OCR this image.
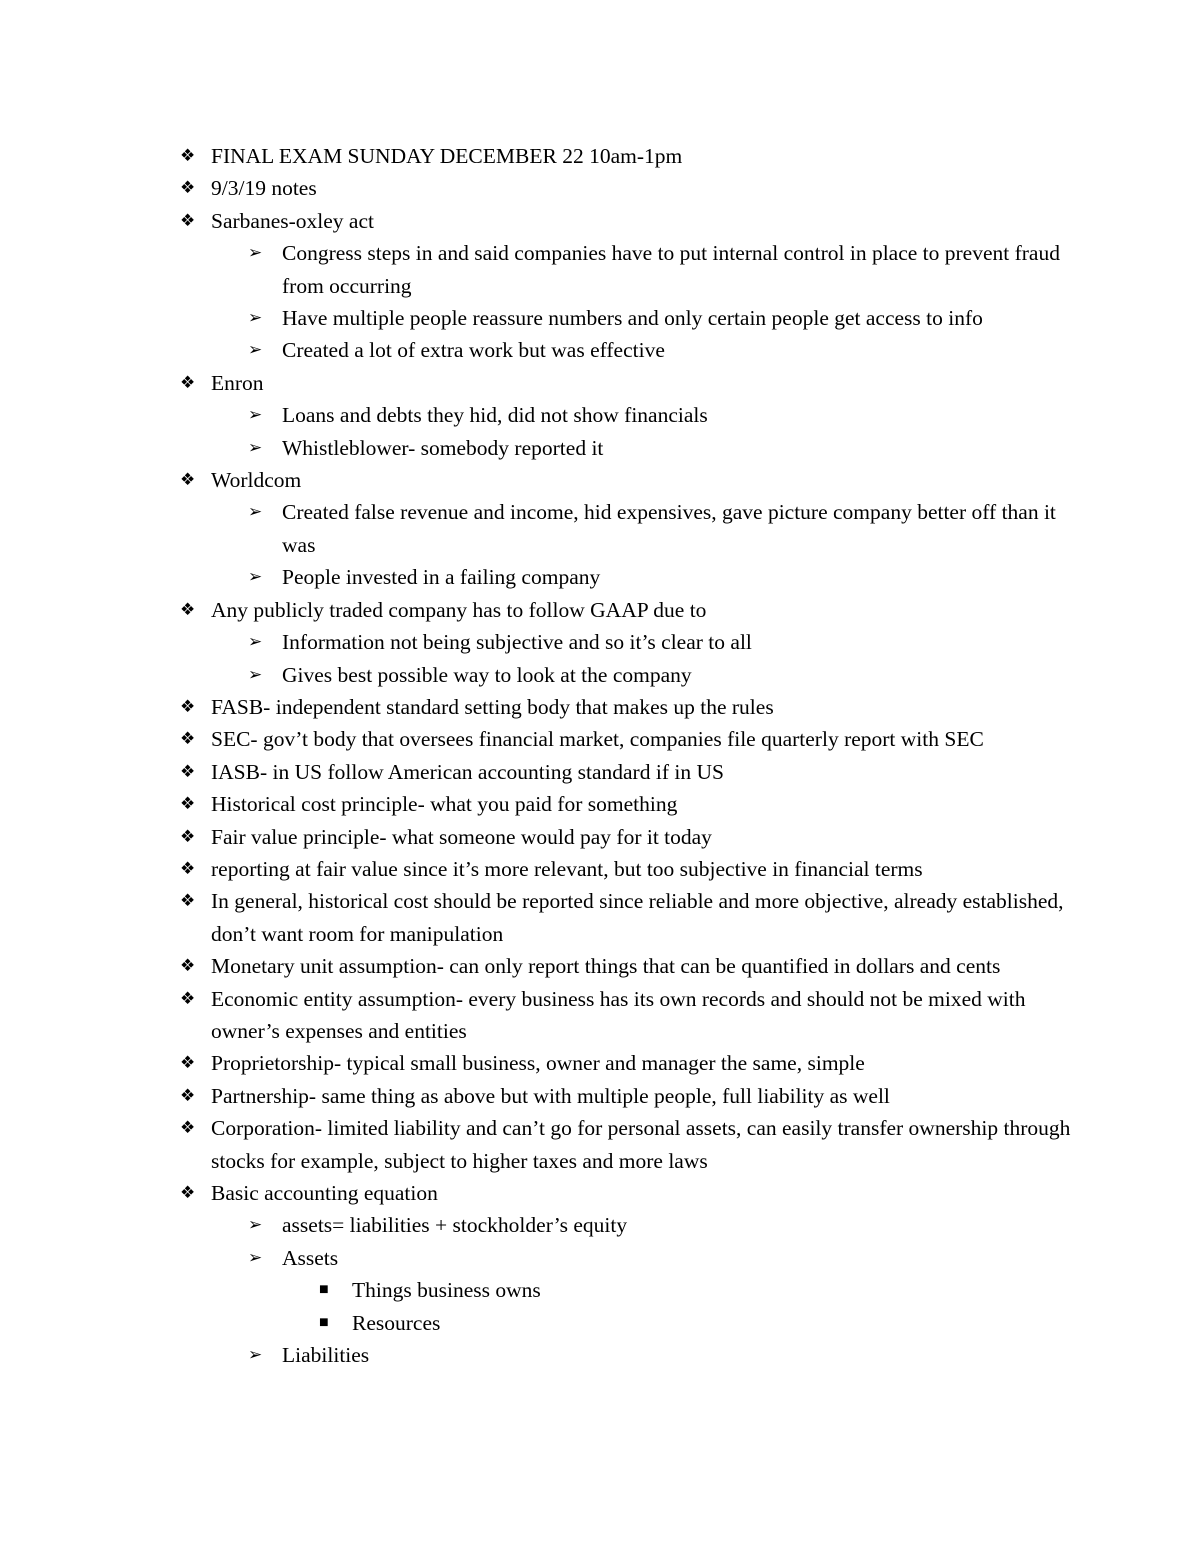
❖ FINAL EXAM SUNDAY DECEMBER 22 10am-1pm
❖ 9/3/19 notes
❖ Sarbanes-oxley act
➢ Congress steps in and said companies have to put internal control in place to prevent fraud from occurring
➢ Have multiple people reassure numbers and only certain people get access to info
➢ Created a lot of extra work but was effective
❖ Enron
➢ Loans and debts they hid, did not show financials
➢ Whistleblower- somebody reported it
❖ Worldcom
➢ Created false revenue and income, hid expensives, gave picture company better off than it was
➢ People invested in a failing company
❖ Any publicly traded company has to follow GAAP due to
➢ Information not being subjective and so it’s clear to all
➢ Gives best possible way to look at the company
❖ FASB- independent standard setting body that makes up the rules
❖ SEC- gov’t body that oversees financial market, companies file quarterly report with SEC
❖ IASB- in US follow American accounting standard if in US
❖ Historical cost principle- what you paid for something
❖ Fair value principle- what someone would pay for it today
❖ reporting at fair value since it’s more relevant, but too subjective in financial terms
❖ In general, historical cost should be reported since reliable and more objective, already established, don’t want room for manipulation
❖ Monetary unit assumption- can only report things that can be quantified in dollars and cents
❖ Economic entity assumption- every business has its own records and should not be mixed with owner’s expenses and entities
❖ Proprietorship- typical small business, owner and manager the same, simple
❖ Partnership- same thing as above but with multiple people, full liability as well
❖ Corporation- limited liability and can’t go for personal assets, can easily transfer ownership through stocks for example, subject to higher taxes and more laws
❖ Basic accounting equation
➢ assets= liabilities + stockholder’s equity
➢ Assets
■ Things business owns
■ Resources
➢ Liabilities
